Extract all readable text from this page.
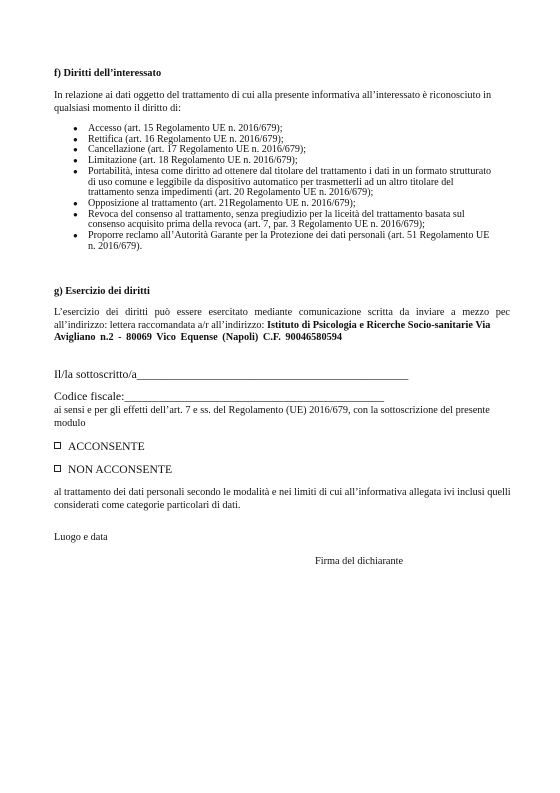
f) Diritti dell’interessato
In relazione ai dati oggetto del trattamento di cui alla presente informativa all’interessato è riconosciuto in
qualsiasi momento il diritto di:
● Accesso (art. 15 Regolamento UE n. 2016/679);
● Rettifica (art. 16 Regolamento UE n. 2016/679);
● Cancellazione (art. 17 Regolamento UE n. 2016/679);
● Limitazione (art. 18 Regolamento UE n. 2016/679);
● Portabilità, intesa come diritto ad ottenere dal titolare del trattamento i dati in un formato strutturato
di uso comune e leggibile da dispositivo automatico per trasmetterli ad un altro titolare del
trattamento senza impedimenti (art. 20 Regolamento UE n. 2016/679);
● Opposizione al trattamento (art. 21Regolamento UE n. 2016/679);
● Revoca del consenso al trattamento, senza pregiudizio per la liceità del trattamento basata sul
consenso acquisito prima della revoca (art. 7, par. 3 Regolamento UE n. 2016/679);
● Proporre reclamo all’Autorità Garante per la Protezione dei dati personali (art. 51 Regolamento UE
n. 2016/679).
g) Esercizio dei diritti
L’esercizio dei diritti può essere esercitato mediante comunicazione scritta da inviare a mezzo pec
all’indirizzo: lettera raccomandata a/r all’indirizzo: Istituto di Psicologia e Ricerche Socio-sanitarie Via
Avigliano n.2 - 80069 Vico Equense (Napoli) C.F. 90046580594
Il/la sottoscritto/a______________________________________________
Codice fiscale:____________________________________________
ai sensi e per gli effetti dell’art. 7 e ss. del Regolamento (UE) 2016/679, con la sottoscrizione del presente
modulo
ACCONSENTE
NON ACCONSENTE
al trattamento dei dati personali secondo le modalità e nei limiti di cui all’informativa allegata ivi inclusi quelli
considerati come categorie particolari di dati.
Luogo e data
Firma del dichiarante
